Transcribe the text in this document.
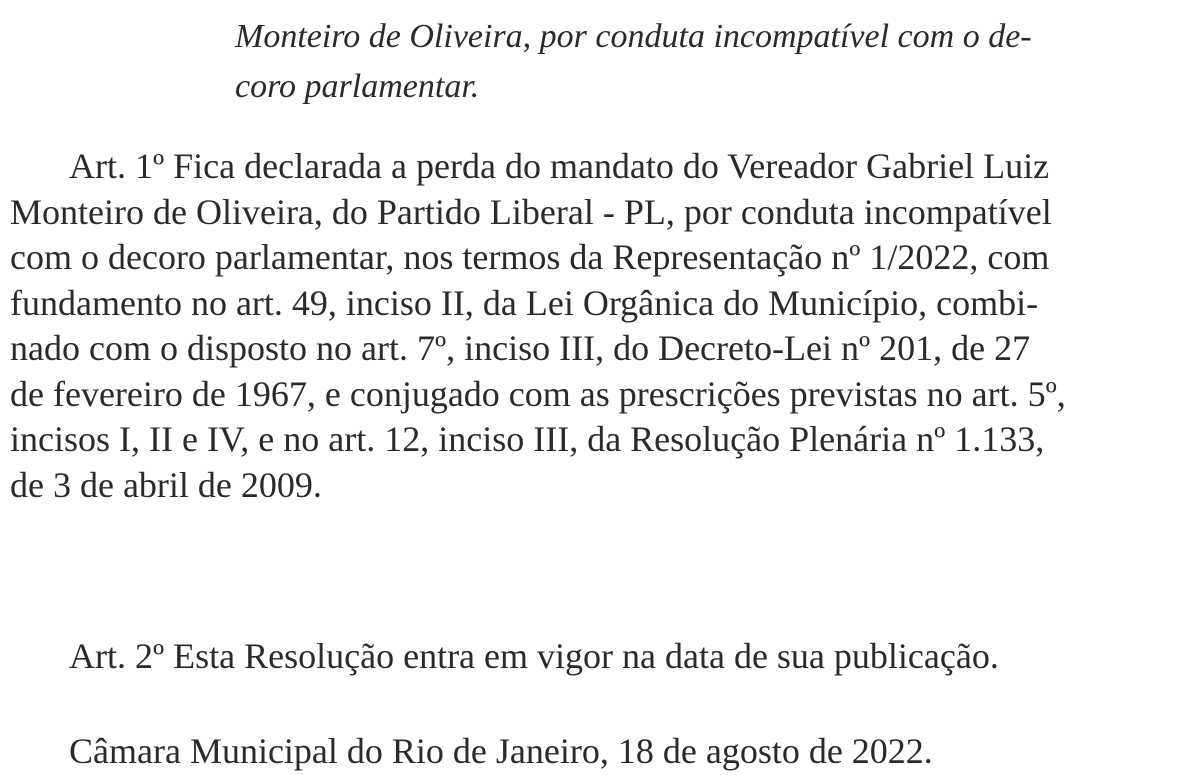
Monteiro de Oliveira, por conduta incompatível com o de-
coro parlamentar.
Art. 1º Fica declarada a perda do mandato do Vereador Gabriel Luiz
Monteiro de Oliveira, do Partido Liberal - PL, por conduta incompatível
com o decoro parlamentar, nos termos da Representação nº 1/2022, com
fundamento no art. 49, inciso II, da Lei Orgânica do Município, combi-
nado com o disposto no art. 7º, inciso III, do Decreto-Lei nº 201, de 27
de fevereiro de 1967, e conjugado com as prescrições previstas no art. 5º,
incisos I, II e IV, e no art. 12, inciso III, da Resolução Plenária nº 1.133,
de 3 de abril de 2009.
Art. 2º Esta Resolução entra em vigor na data de sua publicação.
Câmara Municipal do Rio de Janeiro, 18 de agosto de 2022.
